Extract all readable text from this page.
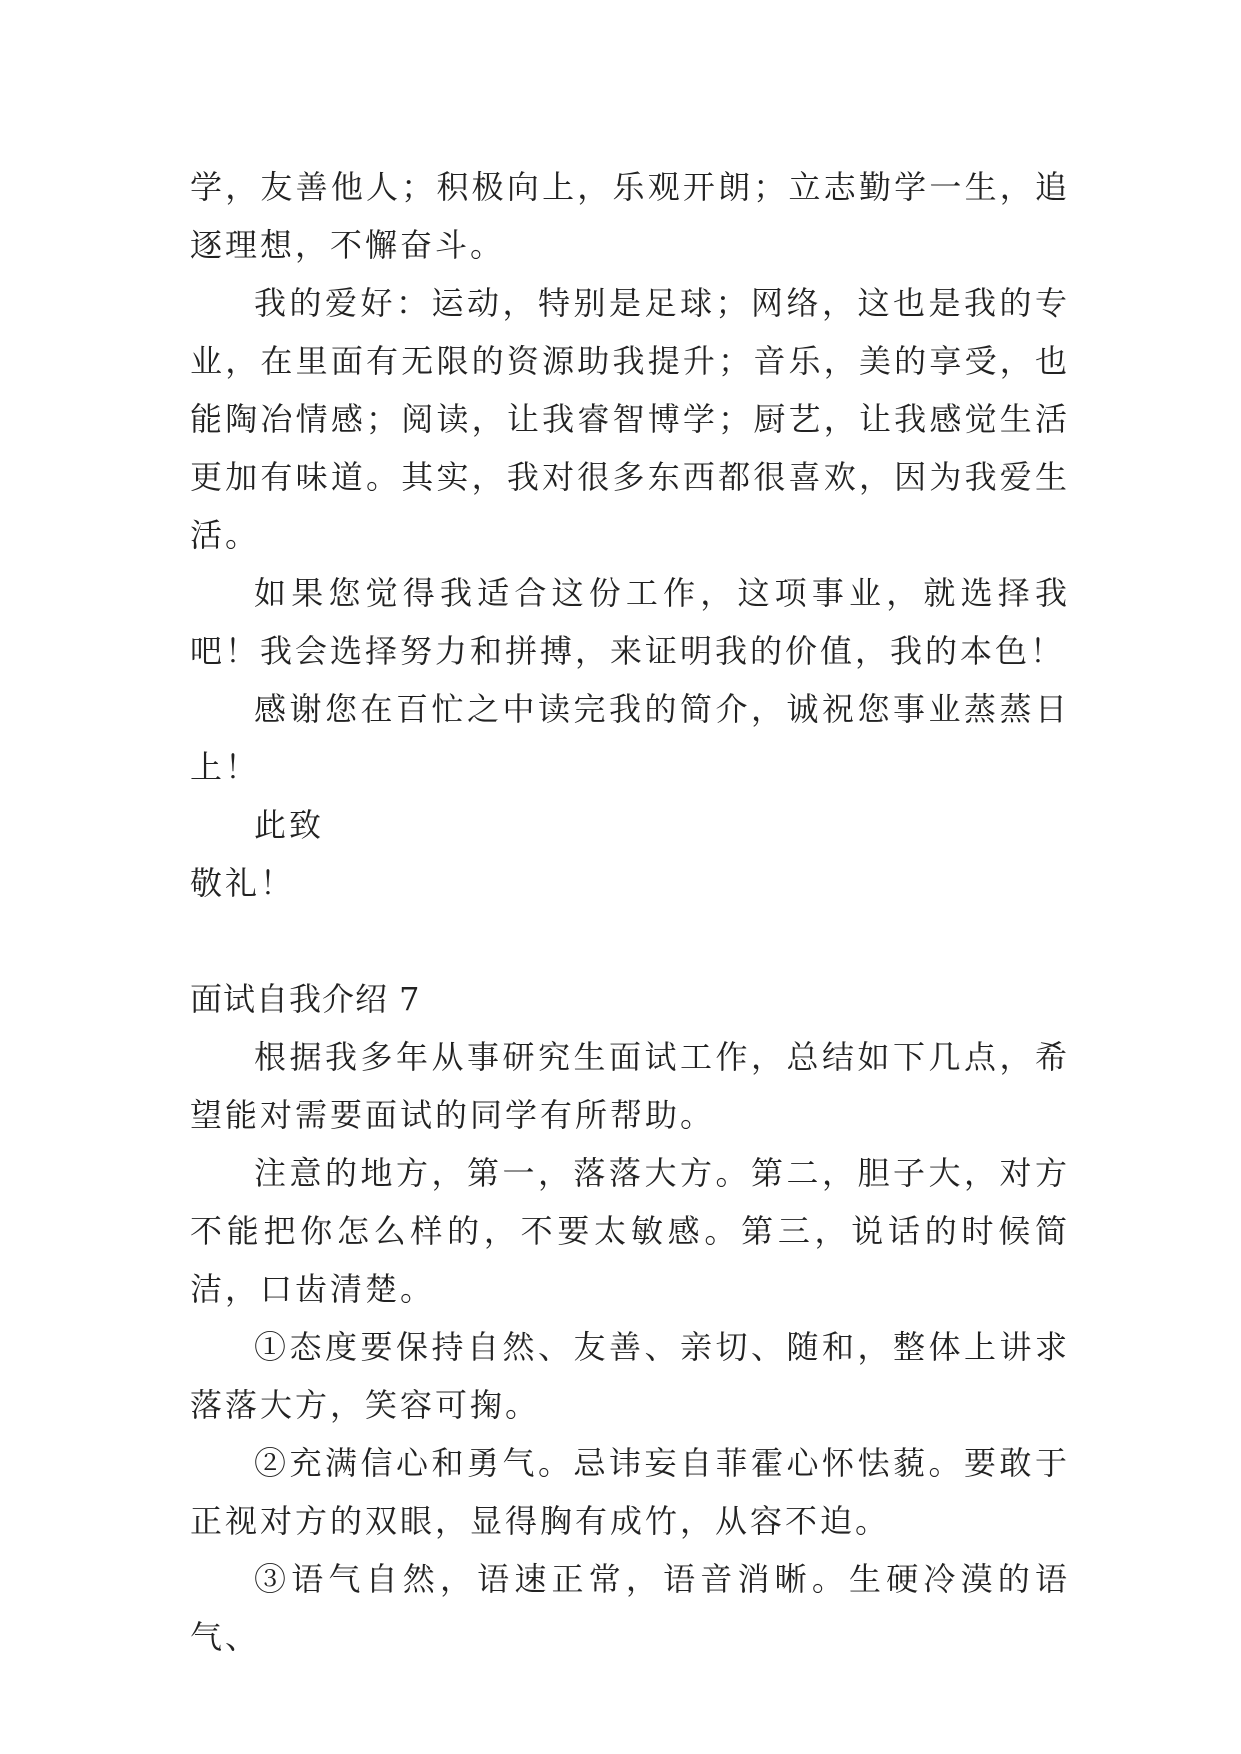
学，友善他人；积极向上，乐观开朗；立志勤学一生，追逐理想，不懈奋斗。

我的爱好：运动，特别是足球；网络，这也是我的专业，在里面有无限的资源助我提升；音乐，美的享受，也能陶冶情感；阅读，让我睿智博学；厨艺，让我感觉生活更加有味道。其实，我对很多东西都很喜欢，因为我爱生活。

如果您觉得我适合这份工作，这项事业，就选择我吧！我会选择努力和拼搏，来证明我的价值，我的本色！

感谢您在百忙之中读完我的简介，诚祝您事业蒸蒸日上！

此致

敬礼！

面试自我介绍 7

根据我多年从事研究生面试工作，总结如下几点，希望能对需要面试的同学有所帮助。

注意的地方，第一，落落大方。第二，胆子大，对方不能把你怎么样的，不要太敏感。第三，说话的时候简洁，口齿清楚。

①态度要保持自然、友善、亲切、随和，整体上讲求落落大方，笑容可掬。

②充满信心和勇气。忌讳妄自菲霍心怀怯藐。要敢于正视对方的双眼，显得胸有成竹，从容不迫。

③语气自然，语速正常，语音消晰。生硬冷漠的语气、
